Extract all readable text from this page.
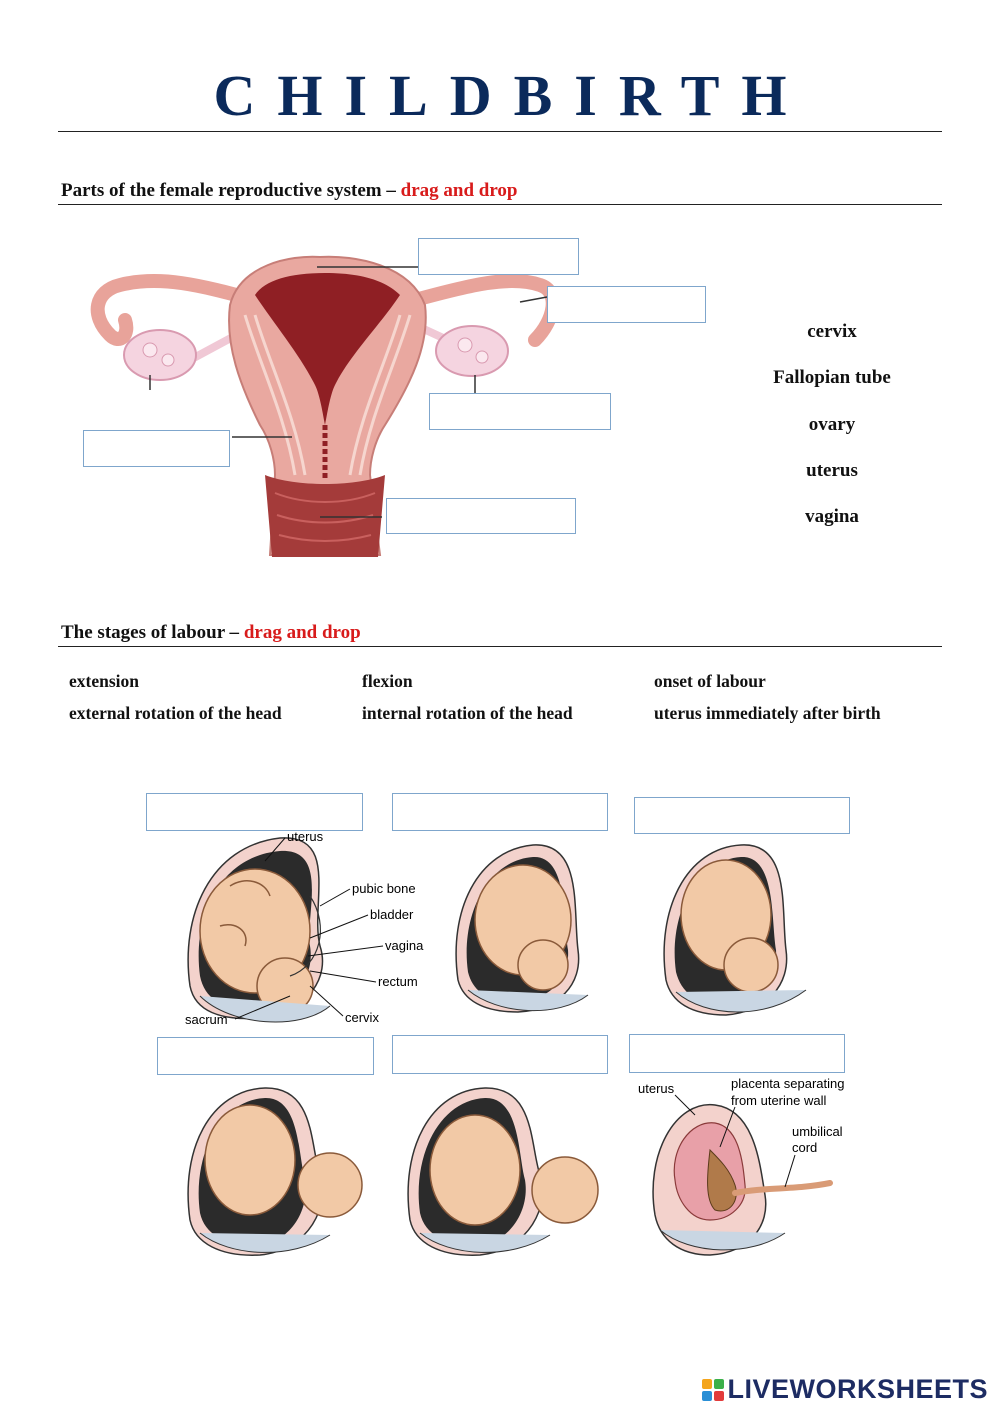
CHILDBIRTH
Parts of the female reproductive system – drag and drop
cervix
Fallopian tube
ovary
uterus
vagina
The stages of labour – drag and drop
extension	flexion	onset of labour
external rotation of the head	internal rotation of the head	uterus immediately after birth
uterus
pubic bone
bladder
vagina
rectum
sacrum	cervix
uterus	placenta separating
from uterine wall
umbilical
cord
LIVEWORKSHEETS
